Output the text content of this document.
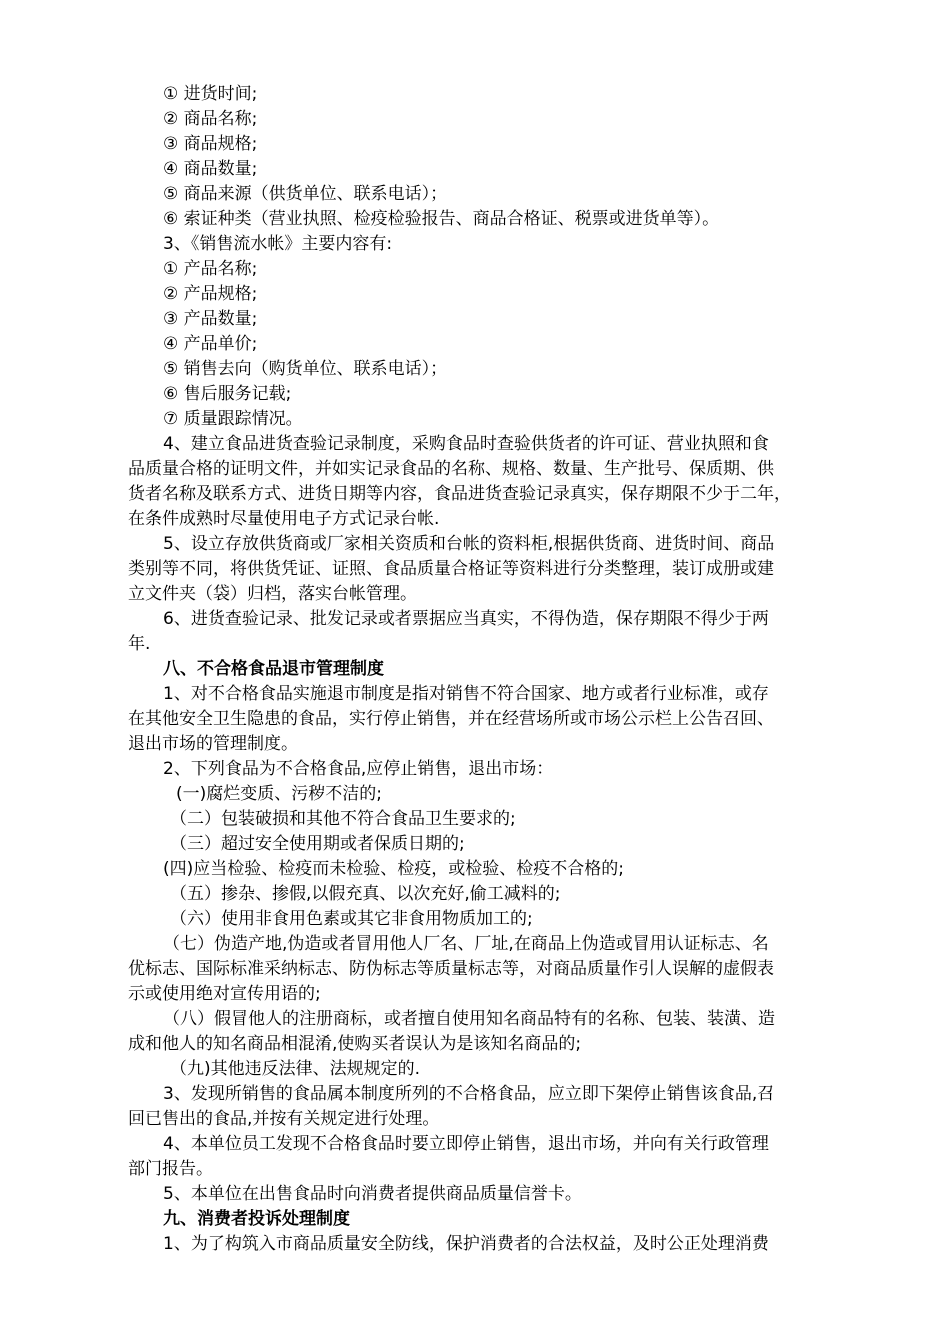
① 进货时间;
② 商品名称;
③ 商品规格;
④ 商品数量;
⑤ 商品来源（供货单位、联系电话）；
⑥ 索证种类（营业执照、检疫检验报告、商品合格证、税票或进货单等）。
3、《销售流水帐》主要内容有:
① 产品名称;
② 产品规格;
③ 产品数量;
④ 产品单价;
⑤ 销售去向（购货单位、联系电话）；
⑥ 售后服务记载;
⑦ 质量跟踪情况。
4、建立食品进货查验记录制度，采购食品时查验供货者的许可证、营业执照和食
品质量合格的证明文件，并如实记录食品的名称、规格、数量、生产批号、保质期、供
货者名称及联系方式、进货日期等内容，食品进货查验记录真实，保存期限不少于二年，
在条件成熟时尽量使用电子方式记录台帐.
5、设立存放供货商或厂家相关资质和台帐的资料柜,根据供货商、进货时间、商品
类别等不同，将供货凭证、证照、食品质量合格证等资料进行分类整理，装订成册或建
立文件夹（袋）归档，落实台帐管理。
6、进货查验记录、批发记录或者票据应当真实，不得伪造，保存期限不得少于两
年.
八、不合格食品退市管理制度
1、对不合格食品实施退市制度是指对销售不符合国家、地方或者行业标准，或存
在其他安全卫生隐患的食品，实行停止销售，并在经营场所或市场公示栏上公告召回、
退出市场的管理制度。
2、下列食品为不合格食品,应停止销售，退出市场：
(一)腐烂变质、污秽不洁的;
（二）包装破损和其他不符合食品卫生要求的;
（三）超过安全使用期或者保质日期的;
(四)应当检验、检疫而未检验、检疫，或检验、检疫不合格的;
（五）掺杂、掺假,以假充真、以次充好,偷工减料的;
（六）使用非食用色素或其它非食用物质加工的;
（七）伪造产地,伪造或者冒用他人厂名、厂址,在商品上伪造或冒用认证标志、名
优标志、国际标准采纳标志、防伪标志等质量标志等，对商品质量作引人误解的虚假表
示或使用绝对宣传用语的;
（八）假冒他人的注册商标，或者擅自使用知名商品特有的名称、包装、装潢、造
成和他人的知名商品相混淆,使购买者误认为是该知名商品的;
（九)其他违反法律、法规规定的.
3、发现所销售的食品属本制度所列的不合格食品，应立即下架停止销售该食品,召
回已售出的食品,并按有关规定进行处理。
4、本单位员工发现不合格食品时要立即停止销售，退出市场，并向有关行政管理
部门报告。
5、本单位在出售食品时向消费者提供商品质量信誉卡。
九、消费者投诉处理制度
1、为了构筑入市商品质量安全防线，保护消费者的合法权益，及时公正处理消费
